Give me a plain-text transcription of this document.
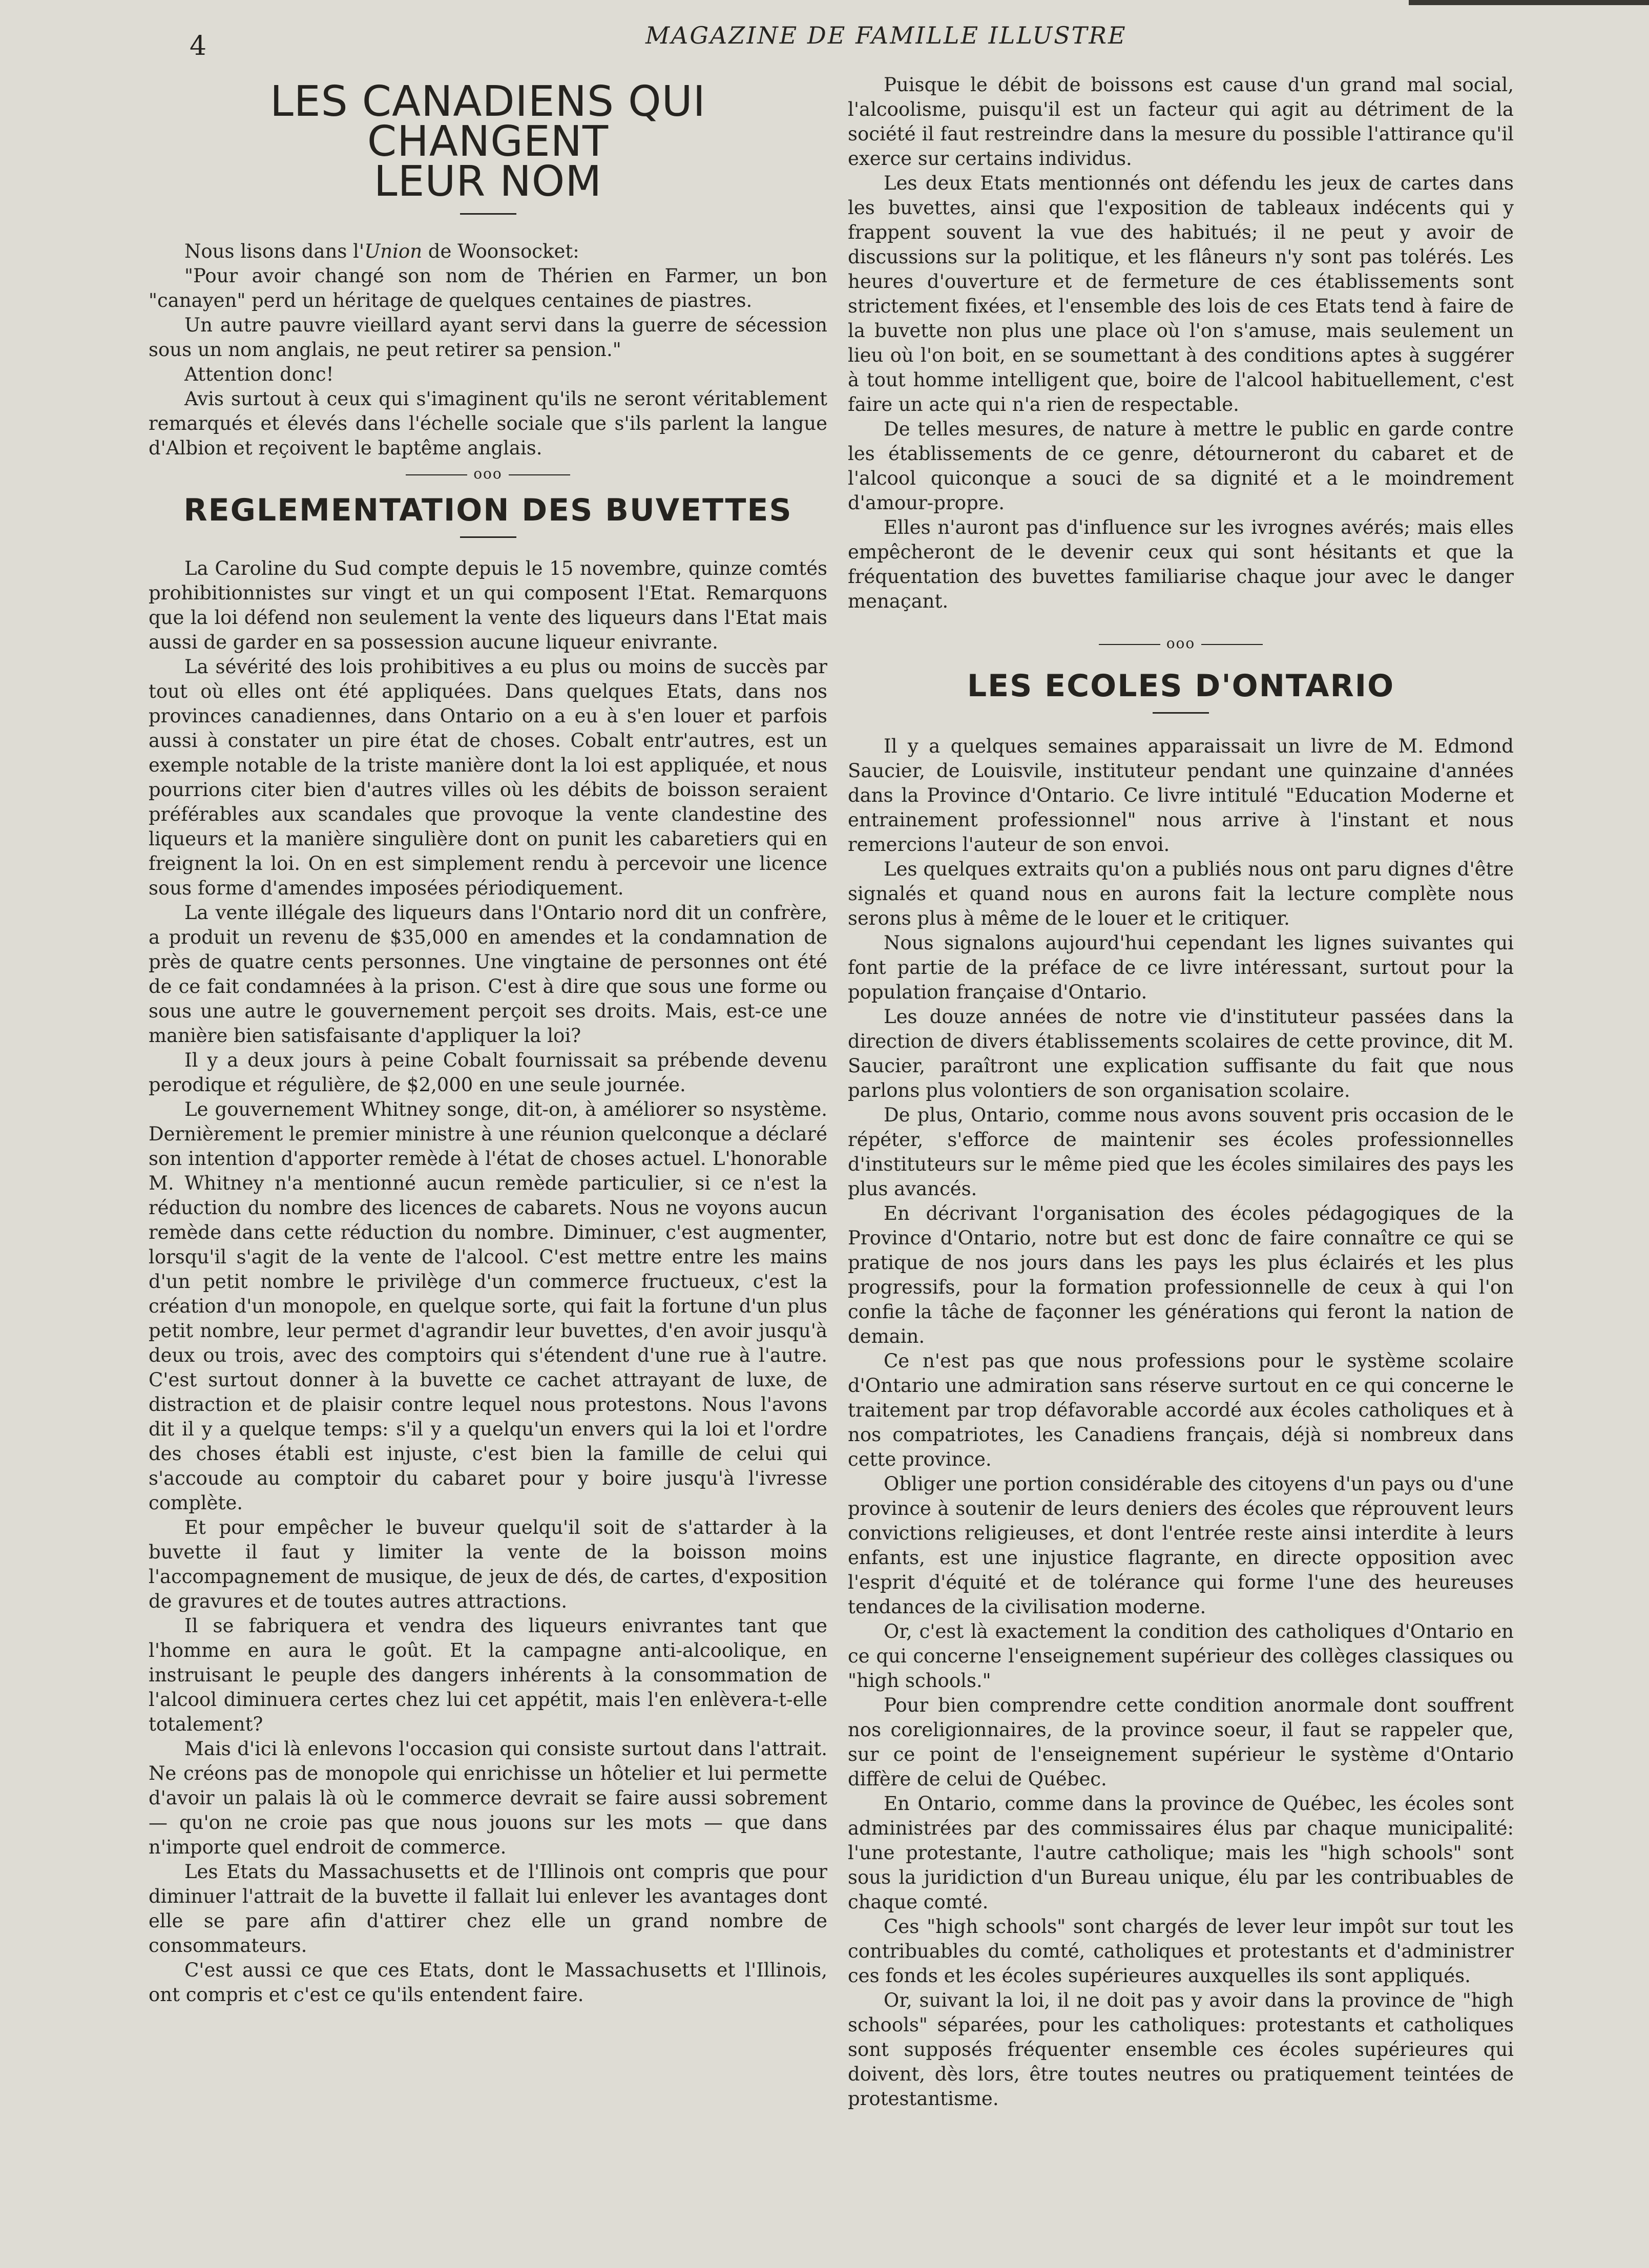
4	MAGAZINE DE FAMILLE ILLUSTRE
LES CANADIENS QUI CHANGENT
LEUR NOM

Nous lisons dans l'Union de Woonsocket:

"Pour avoir changé son nom de Thérien en Farmer, un bon "canayen" perd un héritage de quelques centaines de piastres.

Un autre pauvre vieillard ayant servi dans la guerre de sécession sous un nom anglais, ne peut retirer sa pension."

Attention donc!

Avis surtout à ceux qui s'imaginent qu'ils ne seront véritablement remarqués et élevés dans l'échelle sociale que s'ils parlent la langue d'Albion et reçoivent le baptême anglais.

ooo
REGLEMENTATION DES BUVETTES

La Caroline du Sud compte depuis le 15 novembre, quinze comtés prohibitionnistes sur vingt et un qui composent l'Etat. Remarquons que la loi défend non seulement la vente des liqueurs dans l'Etat mais aussi de garder en sa possession aucune liqueur enivrante.

La sévérité des lois prohibitives a eu plus ou moins de succès par tout où elles ont été appliquées. Dans quelques Etats, dans nos provinces canadiennes, dans Ontario on a eu à s'en louer et parfois aussi à constater un pire état de choses. Cobalt entr'autres, est un exemple notable de la triste manière dont la loi est appliquée, et nous pourrions citer bien d'autres villes où les débits de boisson seraient préférables aux scandales que provoque la vente clandestine des liqueurs et la manière singulière dont on punit les cabaretiers qui en freignent la loi. On en est simplement rendu à percevoir une licence sous forme d'amendes imposées périodiquement.

La vente illégale des liqueurs dans l'Ontario nord dit un confrère, a produit un revenu de $35,000 en amendes et la condamnation de près de quatre cents personnes. Une vingtaine de personnes ont été de ce fait condamnées à la prison. C'est à dire que sous une forme ou sous une autre le gouvernement perçoit ses droits. Mais, est-ce une manière bien satisfaisante d'appliquer la loi?

Il y a deux jours à peine Cobalt fournissait sa prébende devenu perodique et régulière, de $2,000 en une seule journée.

Le gouvernement Whitney songe, dit-on, à améliorer so nsystème. Dernièrement le premier ministre à une réunion quelconque a déclaré son intention d'apporter remède à l'état de choses actuel. L'honorable M. Whitney n'a mentionné aucun remède particulier, si ce n'est la réduction du nombre des licences de cabarets. Nous ne voyons aucun remède dans cette réduction du nombre. Diminuer, c'est augmenter, lorsqu'il s'agit de la vente de l'alcool. C'est mettre entre les mains d'un petit nombre le privilège d'un commerce fructueux, c'est la création d'un monopole, en quelque sorte, qui fait la fortune d'un plus petit nombre, leur permet d'agrandir leur buvettes, d'en avoir jusqu'à deux ou trois, avec des comptoirs qui s'étendent d'une rue à l'autre. C'est surtout donner à la buvette ce cachet attrayant de luxe, de distraction et de plaisir contre lequel nous protestons. Nous l'avons dit il y a quelque temps: s'il y a quelqu'un envers qui la loi et l'ordre des choses établi est injuste, c'est bien la famille de celui qui s'accoude au comptoir du cabaret pour y boire jusqu'à l'ivresse complète.

Et pour empêcher le buveur quelqu'il soit de s'attarder à la buvette il faut y limiter la vente de la boisson moins l'accompagnement de musique, de jeux de dés, de cartes, d'exposition de gravures et de toutes autres attractions.

Il se fabriquera et vendra des liqueurs enivrantes tant que l'homme en aura le goût. Et la campagne anti-alcoolique, en instruisant le peuple des dangers inhérents à la consommation de l'alcool diminuera certes chez lui cet appétit, mais l'en enlèvera-t-elle totalement?

Mais d'ici là enlevons l'occasion qui consiste surtout dans l'attrait. Ne créons pas de monopole qui enrichisse un hôtelier et lui permette d'avoir un palais là où le commerce devrait se faire aussi sobrement — qu'on ne croie pas que nous jouons sur les mots — que dans n'importe quel endroit de commerce.

Les Etats du Massachusetts et de l'Illinois ont compris que pour diminuer l'attrait de la buvette il fallait lui enlever les avantages dont elle se pare afin d'attirer chez elle un grand nombre de consommateurs.

C'est aussi ce que ces Etats, dont le Massachusetts et l'Illinois, ont compris et c'est ce qu'ils entendent faire.

Puisque le débit de boissons est cause d'un grand mal social, l'alcoolisme, puisqu'il est un facteur qui agit au détriment de la société il faut restreindre dans la mesure du possible l'attirance qu'il exerce sur certains individus.

Les deux Etats mentionnés ont défendu les jeux de cartes dans les buvettes, ainsi que l'exposition de tableaux indécents qui y frappent souvent la vue des habitués; il ne peut y avoir de discussions sur la politique, et les flâneurs n'y sont pas tolérés. Les heures d'ouverture et de fermeture de ces établissements sont strictement fixées, et l'ensemble des lois de ces Etats tend à faire de la buvette non plus une place où l'on s'amuse, mais seulement un lieu où l'on boit, en se soumettant à des conditions aptes à suggérer à tout homme intelligent que, boire de l'alcool habituellement, c'est faire un acte qui n'a rien de respectable.

De telles mesures, de nature à mettre le public en garde contre les établissements de ce genre, détourneront du cabaret et de l'alcool quiconque a souci de sa dignité et a le moindrement d'amour-propre.

Elles n'auront pas d'influence sur les ivrognes avérés; mais elles empêcheront de le devenir ceux qui sont hésitants et que la fréquentation des buvettes familiarise chaque jour avec le danger menaçant.

ooo
LES ECOLES D'ONTARIO

Il y a quelques semaines apparaissait un livre de M. Edmond Saucier, de Louisvile, instituteur pendant une quinzaine d'années dans la Province d'Ontario. Ce livre intitulé "Education Moderne et entrainement professionnel" nous arrive à l'instant et nous remercions l'auteur de son envoi.

Les quelques extraits qu'on a publiés nous ont paru dignes d'être signalés et quand nous en aurons fait la lecture complète nous serons plus à même de le louer et le critiquer.

Nous signalons aujourd'hui cependant les lignes suivantes qui font partie de la préface de ce livre intéressant, surtout pour la population française d'Ontario.

Les douze années de notre vie d'instituteur passées dans la direction de divers établissements scolaires de cette province, dit M. Saucier, paraîtront une explication suffisante du fait que nous parlons plus volontiers de son organisation scolaire.

De plus, Ontario, comme nous avons souvent pris occasion de le répéter, s'efforce de maintenir ses écoles professionnelles d'instituteurs sur le même pied que les écoles similaires des pays les plus avancés.

En décrivant l'organisation des écoles pédagogiques de la Province d'Ontario, notre but est donc de faire connaître ce qui se pratique de nos jours dans les pays les plus éclairés et les plus progressifs, pour la formation professionnelle de ceux à qui l'on confie la tâche de façonner les générations qui feront la nation de demain.

Ce n'est pas que nous professions pour le système scolaire d'Ontario une admiration sans réserve surtout en ce qui concerne le traitement par trop défavorable accordé aux écoles catholiques et à nos compatriotes, les Canadiens français, déjà si nombreux dans cette province.

Obliger une portion considérable des citoyens d'un pays ou d'une province à soutenir de leurs deniers des écoles que réprouvent leurs convictions religieuses, et dont l'entrée reste ainsi interdite à leurs enfants, est une injustice flagrante, en directe opposition avec l'esprit d'équité et de tolérance qui forme l'une des heureuses tendances de la civilisation moderne.

Or, c'est là exactement la condition des catholiques d'Ontario en ce qui concerne l'enseignement supérieur des collèges classiques ou "high schools."

Pour bien comprendre cette condition anormale dont souffrent nos coreligionnaires, de la province soeur, il faut se rappeler que, sur ce point de l'enseignement supérieur le système d'Ontario diffère de celui de Québec.

En Ontario, comme dans la province de Québec, les écoles sont administrées par des commissaires élus par chaque municipalité: l'une protestante, l'autre catholique; mais les "high schools" sont sous la juridiction d'un Bureau unique, élu par les contribuables de chaque comté.

Ces "high schools" sont chargés de lever leur impôt sur tout les contribuables du comté, catholiques et protestants et d'administrer ces fonds et les écoles supérieures auxquelles ils sont appliqués.

Or, suivant la loi, il ne doit pas y avoir dans la province de "high schools" séparées, pour les catholiques: protestants et catholiques sont supposés fréquenter ensemble ces écoles supérieures qui doivent, dès lors, être toutes neutres ou pratiquement teintées de protestantisme.
